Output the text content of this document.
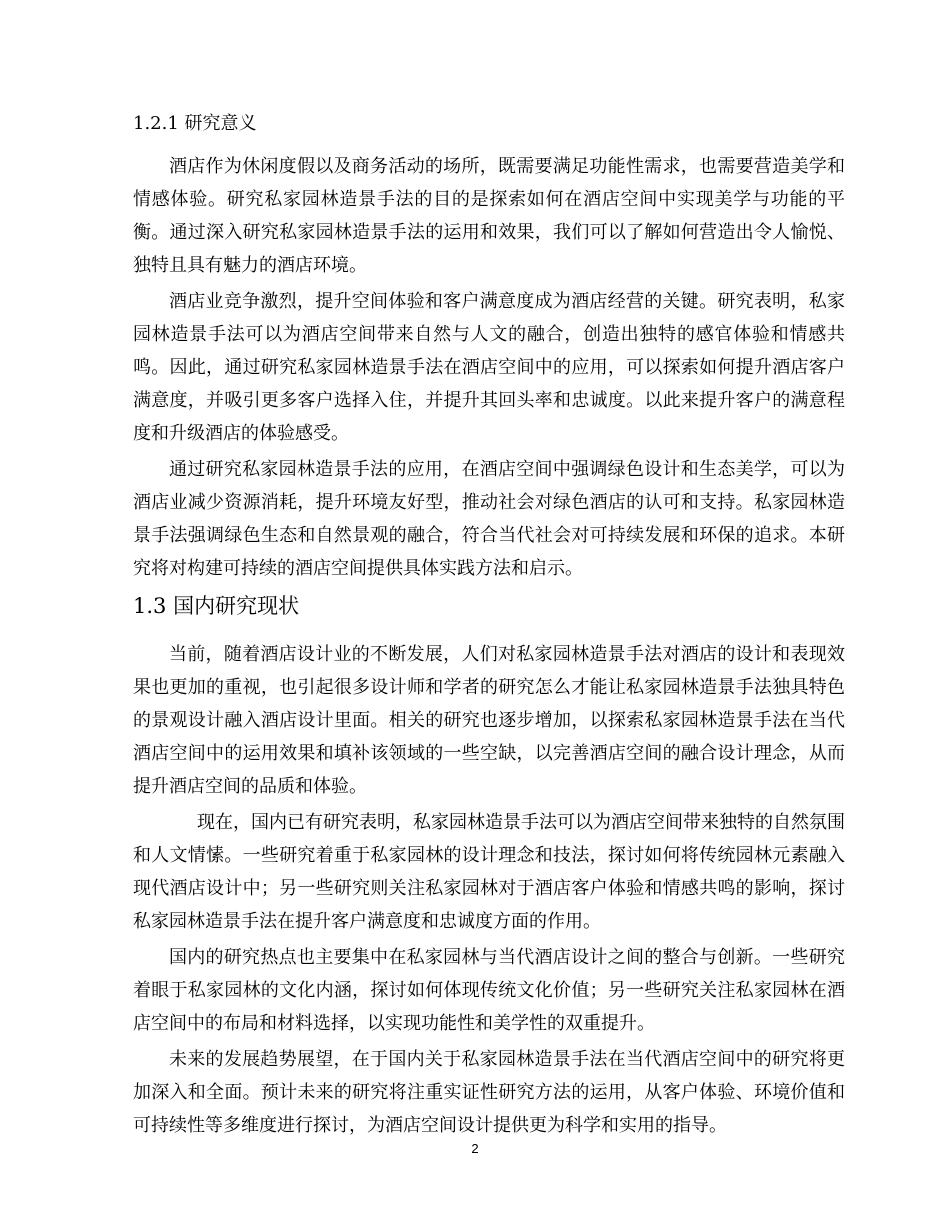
1.2.1 研究意义

酒店作为休闲度假以及商务活动的场所，既需要满足功能性需求，也需要营造美学和情感体验。研究私家园林造景手法的目的是探索如何在酒店空间中实现美学与功能的平衡。通过深入研究私家园林造景手法的运用和效果，我们可以了解如何营造出令人愉悦、独特且具有魅力的酒店环境。

酒店业竞争激烈，提升空间体验和客户满意度成为酒店经营的关键。研究表明，私家园林造景手法可以为酒店空间带来自然与人文的融合，创造出独特的感官体验和情感共鸣。因此，通过研究私家园林造景手法在酒店空间中的应用，可以探索如何提升酒店客户满意度，并吸引更多客户选择入住，并提升其回头率和忠诚度。以此来提升客户的满意程度和升级酒店的体验感受。

通过研究私家园林造景手法的应用，在酒店空间中强调绿色设计和生态美学，可以为酒店业减少资源消耗，提升环境友好型，推动社会对绿色酒店的认可和支持。私家园林造景手法强调绿色生态和自然景观的融合，符合当代社会对可持续发展和环保的追求。本研究将对构建可持续的酒店空间提供具体实践方法和启示。

1.3 国内研究现状

当前，随着酒店设计业的不断发展，人们对私家园林造景手法对酒店的设计和表现效果也更加的重视，也引起很多设计师和学者的研究怎么才能让私家园林造景手法独具特色的景观设计融入酒店设计里面。相关的研究也逐步增加，以探索私家园林造景手法在当代酒店空间中的运用效果和填补该领域的一些空缺，以完善酒店空间的融合设计理念，从而提升酒店空间的品质和体验。

现在，国内已有研究表明，私家园林造景手法可以为酒店空间带来独特的自然氛围和人文情愫。一些研究着重于私家园林的设计理念和技法，探讨如何将传统园林元素融入现代酒店设计中；另一些研究则关注私家园林对于酒店客户体验和情感共鸣的影响，探讨私家园林造景手法在提升客户满意度和忠诚度方面的作用。

国内的研究热点也主要集中在私家园林与当代酒店设计之间的整合与创新。一些研究着眼于私家园林的文化内涵，探讨如何体现传统文化价值；另一些研究关注私家园林在酒店空间中的布局和材料选择，以实现功能性和美学性的双重提升。

未来的发展趋势展望，在于国内关于私家园林造景手法在当代酒店空间中的研究将更加深入和全面。预计未来的研究将注重实证性研究方法的运用，从客户体验、环境价值和可持续性等多维度进行探讨，为酒店空间设计提供更为科学和实用的指导。

2
